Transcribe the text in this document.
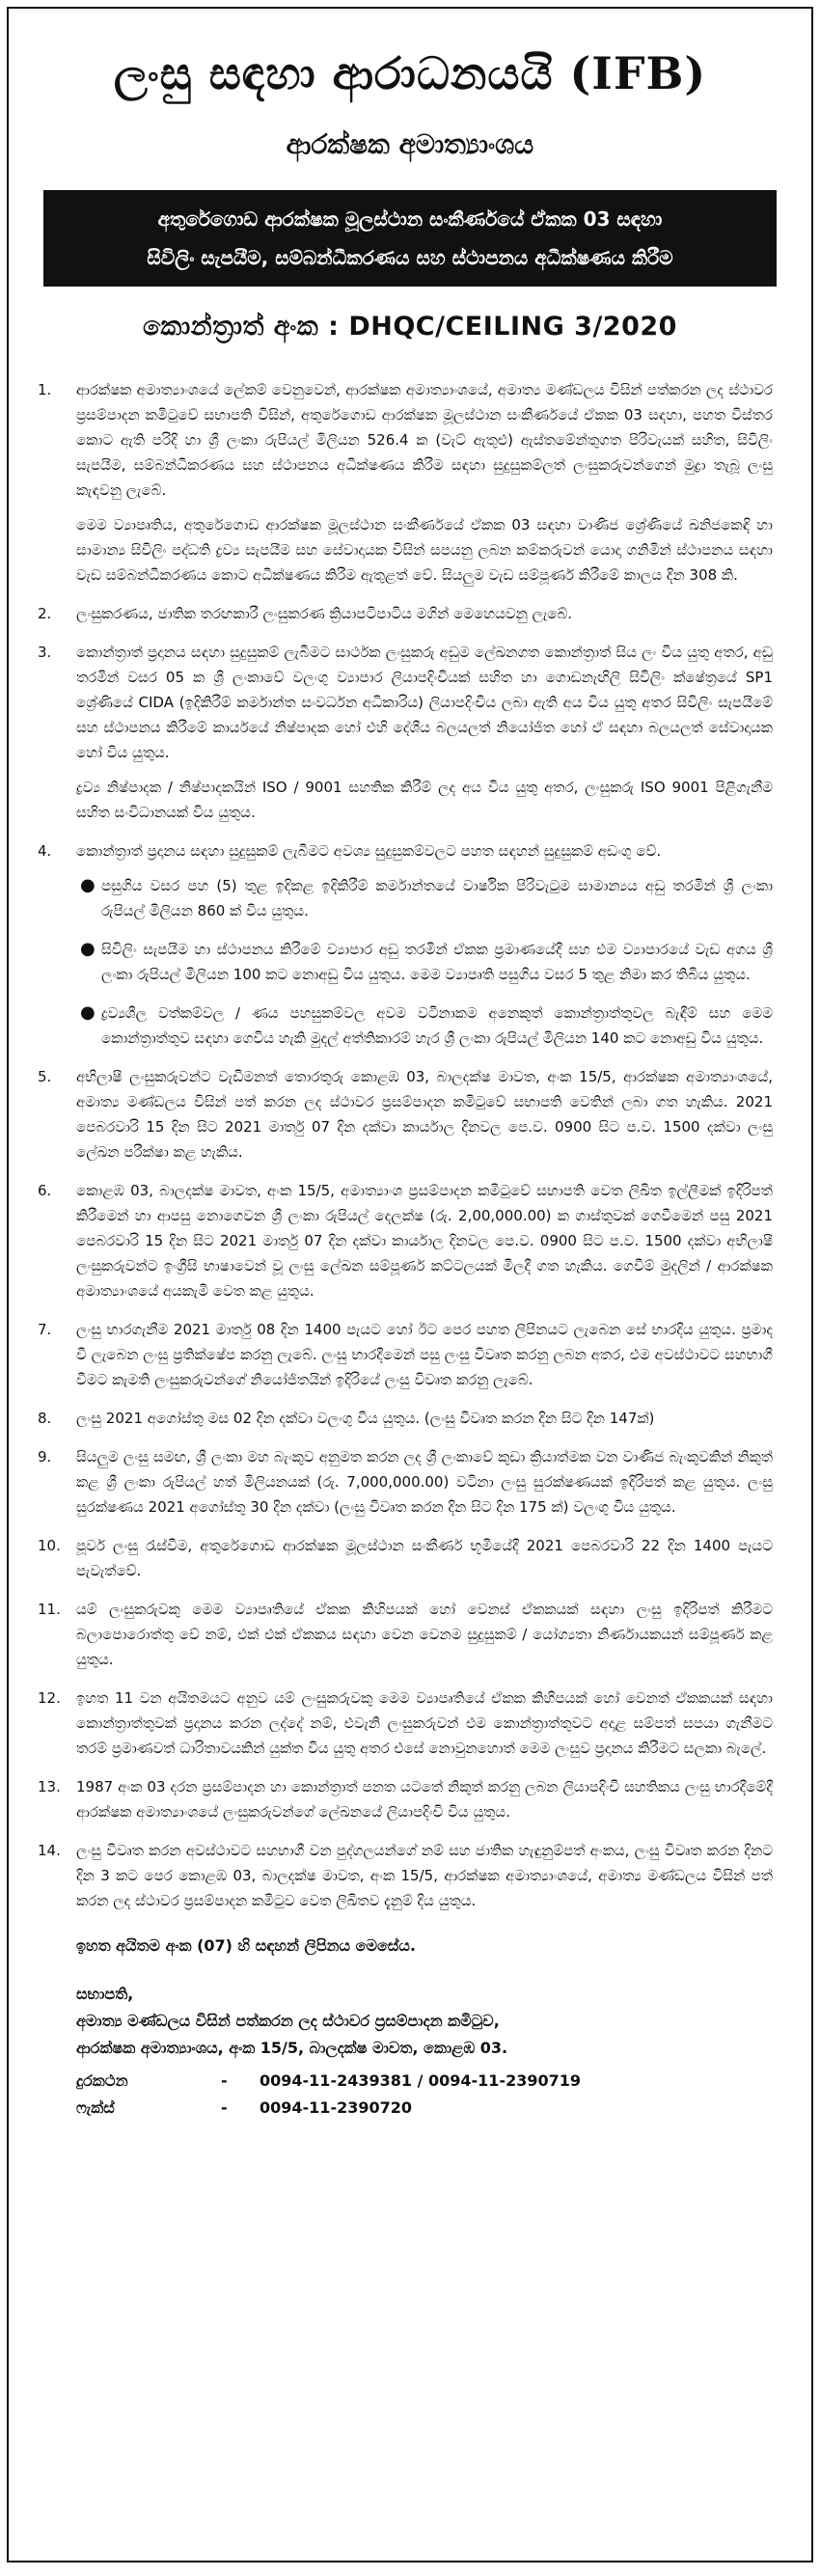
ලංසු සඳහා ආරාධනයයි (IFB)
ආරක්ෂක අමාත්‍යාංශය
අතුරේගොඩ ආරක්ෂක මූලස්ථාන සංකීර්ණයේ ඒකක 03 සඳහා
සිවිලිං සැපයීම, සම්බන්ධීකරණය සහ ස්ථාපනය අධීක්ෂණය කිරීම
කොන්ත්‍රාත් අංක : DHQC/CEILING 3/2020
1.	ආරක්ෂක අමාත්‍යාංශයේ ලේකම් වෙනුවෙන්, ආරක්ෂක අමාත්‍යාංශයේ, අමාත්‍ය මණ්ඩලය විසින් පත්කරන ලද ස්ථාවර ප්‍රසම්පාදන කමිටුවේ සභාපති විසින්, අතුරේගොඩ ආරක්ෂක මූලස්ථාන සංකීර්ණයේ ඒකක 03 සඳහා, පහත විස්තර කොට ඇති පරිදි හා ශ්‍රී ලංකා රුපියල් මිලියන 526.4 ක (වැට් ඇතුළු) ඇස්තමේන්තුගත පිරිවැයක් සහිත, සිවිලිං සැපයීම, සම්බන්ධීකරණය සහ ස්ථාපනය අධීක්ෂණය කිරීම සඳහා සුදුසුකම්ලත් ලංසුකරුවන්ගෙන් මුද්‍රා තැබූ ලංසු කැඳවනු ලැබේ.

මෙම ව්‍යාපෘතිය, අතුරේගොඩ ආරක්ෂක මූලස්ථාන සංකීර්ණයේ ඒකක 03 සඳහා වාණිජ ශ්‍රේණියේ ඛනිජකෙඳි හා සාමාන්‍ය සිවිලිං පද්ධති ද්‍රව්‍ය සැපයීම සහ සේවාදායක විසින් සපයනු ලබන කම්කරුවන් යොදා ගනිමින් ස්ථාපනය සඳහා වැඩ සම්බන්ධීකරණය කොට අධීක්ෂණය කිරීම ඇතුළත් වේ. සියලුම වැඩ සම්පූර්ණ කිරීමේ කාලය දින 308 කි.

2.	ලංසුකරණය, ජාතික තරඟකාරී ලංසුකරණ ක්‍රියාපටිපාටිය මගින් මෙහෙයවනු ලැබේ.

3.	කොන්ත්‍රාත් ප්‍රදානය සඳහා සුදුසුකම් ලැබීමට සාර්ථක ලංසුකරු අඩුම ලේඛනගත කොන්ත්‍රාත් සිය ලං විය යුතු අතර, අඩු තරමින් වසර 05 ක ශ්‍රී ලංකාවේ වලංගු ව්‍යාපාර ලියාපදිංචියක් සහිත හා ගොඩනැඟිලි සිවිලිං ක්ෂේත්‍රයේ SP1 ශ්‍රේණියේ CIDA (ඉදිකිරීම් කර්මාන්ත සංවර්ධන අධිකාරිය) ලියාපදිංචිය ලබා ඇති අය විය යුතු අතර සිවිලිං සැපයීමේ සහ ස්ථාපනය කිරීමේ කාර්යයේ නිෂ්පාදක හෝ එහි දේශීය බලයලත් නියෝජිත හෝ ඒ සඳහා බලයලත් සේවාදායක හෝ විය යුතුය.

ද්‍රව්‍ය නිෂ්පාදක / නිෂ්පාදකයින් ISO / 9001 සහතික කිරීම් ලද අය විය යුතු අතර, ලංසුකරු ISO 9001 පිළිගැනීම සහිත සංවිධානයක් විය යුතුය.

4.	කොන්ත්‍රාත් ප්‍රදානය සඳහා සුදුසුකම් ලැබීමට අවශ්‍ය සුදුසුකම්වලට පහත සඳහන් සුදුසුකම් අඩංගු වේ.

● පසුගිය වසර පහ (5) තුළ ඉදිකළ ඉදිකිරීම් කර්මාන්තයේ වාර්ෂික පිරිවැටුම සාමාන්‍යය අඩු තරමින් ශ්‍රී ලංකා රුපියල් මිලියන 860 ක් විය යුතුය.
● සිවිලිං සැපයීම හා ස්ථාපනය කිරීමේ ව්‍යාපාර අඩු තරමින් ඒකක ප්‍රමාණයේදී සහ එම ව්‍යාපාරයේ වැඩ අගය ශ්‍රී ලංකා රුපියල් මිලියන 100 කට නොඅඩු විය යුතුය. මෙම ව්‍යාපෘති පසුගිය වසර 5 තුළ නිමා කර තිබිය යුතුය.
● ද්‍රව්‍යශීල වත්කම්වල / ණය පහසුකම්වල අවම වටිනාකම අනෙකුත් කොන්ත්‍රාත්තුවල බැඳීම් සහ මෙම කොන්ත්‍රාත්තුව සඳහා ගෙවිය හැකි මුදල් අත්තිකාරම් හැර ශ්‍රී ලංකා රුපියල් මිලියන 140 කට නොඅඩු විය යුතුය.
5.	අභිලාෂී ලංසුකරුවන්ට වැඩිමනත් තොරතුරු කොළඹ 03, බාලදක්ෂ මාවත, අංක 15/5, ආරක්ෂක අමාත්‍යාංශයේ, අමාත්‍ය මණ්ඩලය විසින් පත් කරන ලද ස්ථාවර ප්‍රසම්පාදන කමිටුවේ සභාපති වෙතින් ලබා ගත හැකිය. 2021 පෙබරවාරි 15 දින සිට 2021 මාර්තු 07 දින දක්වා කාර්යාල දිනවල පෙ.ව. 0900 සිට ප.ව. 1500 දක්වා ලංසු ලේඛන පරීක්ෂා කළ හැකිය.

6.	කොළඹ 03, බාලදක්ෂ මාවත, අංක 15/5, අමාත්‍යාංශ ප්‍රසම්පාදන කමිටුවේ සභාපති වෙත ලිඛිත ඉල්ලීමක් ඉදිරිපත් කිරීමෙන් හා ආපසු නොගෙවන ශ්‍රී ලංකා රුපියල් දෙලක්ෂ (රු. 2,00,000.00) ක ගාස්තුවක් ගෙවීමෙන් පසු 2021 පෙබරවාරි 15 දින සිට 2021 මාර්තු 07 දින දක්වා කාර්යාල දිනවල පෙ.ව. 0900 සිට ප.ව. 1500 දක්වා අභිලාෂී ලංසුකරුවන්ට ඉංග්‍රීසි භාෂාවෙන් වූ ලංසු ලේඛන සම්පූර්ණ කට්ටලයක් මිලදී ගත හැකිය. ගෙවීම් මුදලින් / ආරක්ෂක අමාත්‍යාංශයේ අයකැමි වෙත කළ යුතුය.

7.	ලංසු භාරගැනීම 2021 මාර්තු 08 දින 1400 පැයට හෝ ඊට පෙර පහත ලිපිනයට ලැබෙන සේ භාරදිය යුතුය. ප්‍රමාද වී ලැබෙන ලංසු ප්‍රතික්ෂේප කරනු ලැබේ. ලංසු භාරදීමෙන් පසු ලංසු විවෘත කරනු ලබන අතර, එම අවස්ථාවට සහභාගී වීමට කැමති ලංසුකරුවන්ගේ නියෝජිතයින් ඉදිරියේ ලංසු විවෘත කරනු ලැබේ.

8.	ලංසු 2021 අගෝස්තු මස 02 දින දක්වා වලංගු විය යුතුය. (ලංසු විවෘත කරන දින සිට දින 147ක්)

9.	සියලුම ලංසු සමඟ, ශ්‍රී ලංකා මහ බැංකුව අනුමත කරන ලද ශ්‍රී ලංකාවේ කුඩා ක්‍රියාත්මක වන වාණිජ බැංකුවකින් නිකුත් කළ ශ්‍රී ලංකා රුපියල් හත් මිලියනයක් (රු. 7,000,000.00) වටිනා ලංසු සුරක්ෂණයක් ඉදිරිපත් කළ යුතුය. ලංසු සුරක්ෂණය 2021 අගෝස්තු 30 දින දක්වා (ලංසු විවෘත කරන දින සිට දින 175 ක්) වලංගු විය යුතුය.

10.	පූර්ව ලංසු රැස්වීම, අතුරේගොඩ ආරක්ෂක මූලස්ථාන සංකීර්ණ භූමියේදී 2021 පෙබරවාරි 22 දින 1400 පැයට පැවැත්වේ.

11.	යම් ලංසුකරුවකු මෙම ව්‍යාපෘතියේ ඒකක කිහිපයක් හෝ වෙනස් ඒකකයක් සඳහා ලංසු ඉදිරිපත් කිරීමට බලාපොරොත්තු වේ නම්, එක් එක් ඒකකය සඳහා වෙන වෙනම සුදුසුකම් / යෝග්‍යතා නිර්ණායකයන් සම්පූර්ණ කළ යුතුය.

12.	ඉහත 11 වන අයිතමයට අනුව යම් ලංසුකරුවකු මෙම ව්‍යාපෘතියේ ඒකක කිහිපයක් හෝ වෙනත් ඒකකයක් සඳහා කොන්ත්‍රාත්තුවක් ප්‍රදානය කරන ලද්දේ නම්, එවැනි ලංසුකරුවන් එම කොන්ත්‍රාත්තුවට අදාළ සම්පත් සපයා ගැනීමට තරම් ප්‍රමාණවත් ධාරිතාවයකින් යුක්ත විය යුතු අතර එසේ නොවුනහොත් මෙම ලංසුව ප්‍රදානය කිරීමට සලකා බැලේ.

13.	1987 අංක 03 දරන ප්‍රසම්පාදන හා කොන්ත්‍රාත් පනත යටතේ නිකුත් කරනු ලබන ලියාපදිංචි සහතිකය ලංසු භාරදීමේදී ආරක්ෂක අමාත්‍යාංශයේ ලංසුකරුවන්ගේ ලේඛනයේ ලියාපදිංචි විය යුතුය.

14.	ලංසු විවෘත කරන අවස්ථාවට සහභාගී වන පුද්ගලයන්ගේ නම් සහ ජාතික හැඳුනුම්පත් අංකය, ලංසු විවෘත කරන දිනට දින 3 කට පෙර කොළඹ 03, බාලදක්ෂ මාවත, අංක 15/5, ආරක්ෂක අමාත්‍යාංශයේ, අමාත්‍ය මණ්ඩලය විසින් පත් කරන ලද ස්ථාවර ප්‍රසම්පාදන කමිටුව වෙත ලිඛිතව දැනුම් දිය යුතුය.

ඉහත අයිතම අංක (07) හි සඳහන් ලිපිනය මෙසේය.
සභාපති,
අමාත්‍ය මණ්ඩලය විසින් පත්කරන ලද ස්ථාවර ප්‍රසම්පාදන කමිටුව,
ආරක්ෂක අමාත්‍යාංශය, අංක 15/5, බාලදක්ෂ මාවත, කොළඹ 03.
දුරකථන	-	0094-11-2439381 / 0094-11-2390719
ෆැක්ස්	-	0094-11-2390720
